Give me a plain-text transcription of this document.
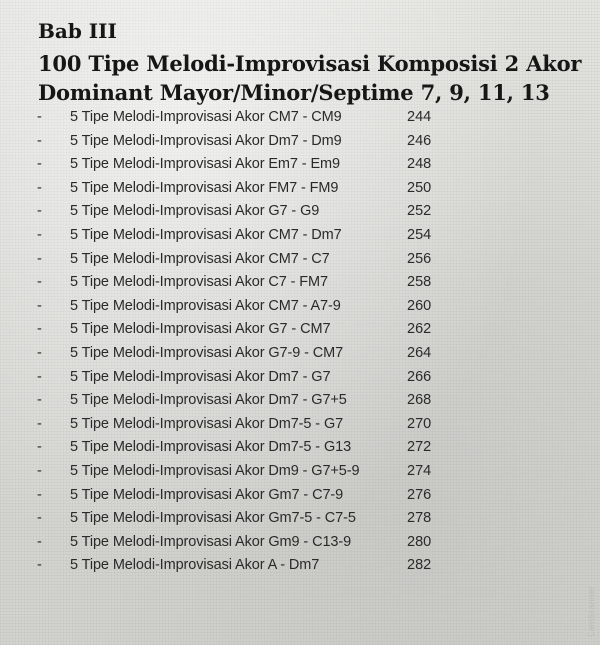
Bab III
100 Tipe Melodi-Improvisasi Komposisi 2 Akor
Dominant Mayor/Minor/Septime 7, 9, 11, 13
-	5 Tipe Melodi-Improvisasi Akor CM7 - CM9	244
-	5 Tipe Melodi-Improvisasi Akor Dm7 - Dm9	246
-	5 Tipe Melodi-Improvisasi Akor Em7 - Em9	248
-	5 Tipe Melodi-Improvisasi Akor FM7 - FM9	250
-	5 Tipe Melodi-Improvisasi Akor G7 - G9	252
-	5 Tipe Melodi-Improvisasi Akor CM7 - Dm7	254
-	5 Tipe Melodi-Improvisasi Akor CM7 - C7	256
-	5 Tipe Melodi-Improvisasi Akor C7 - FM7	258
-	5 Tipe Melodi-Improvisasi Akor CM7 - A7-9	260
-	5 Tipe Melodi-Improvisasi Akor G7 - CM7	262
-	5 Tipe Melodi-Improvisasi Akor G7-9 - CM7	264
-	5 Tipe Melodi-Improvisasi Akor Dm7 - G7	266
-	5 Tipe Melodi-Improvisasi Akor Dm7 - G7+5	268
-	5 Tipe Melodi-Improvisasi Akor Dm7-5 - G7	270
-	5 Tipe Melodi-Improvisasi Akor Dm7-5 - G13	272
-	5 Tipe Melodi-Improvisasi Akor Dm9 - G7+5-9	274
-	5 Tipe Melodi-Improvisasi Akor Gm7 - C7-9	276
-	5 Tipe Melodi-Improvisasi Akor Gm7-5 - C7-5	278
-	5 Tipe Melodi-Improvisasi Akor Gm9 - C13-9	280
-	5 Tipe Melodi-Improvisasi Akor A - Dm7	282
CamScanner
